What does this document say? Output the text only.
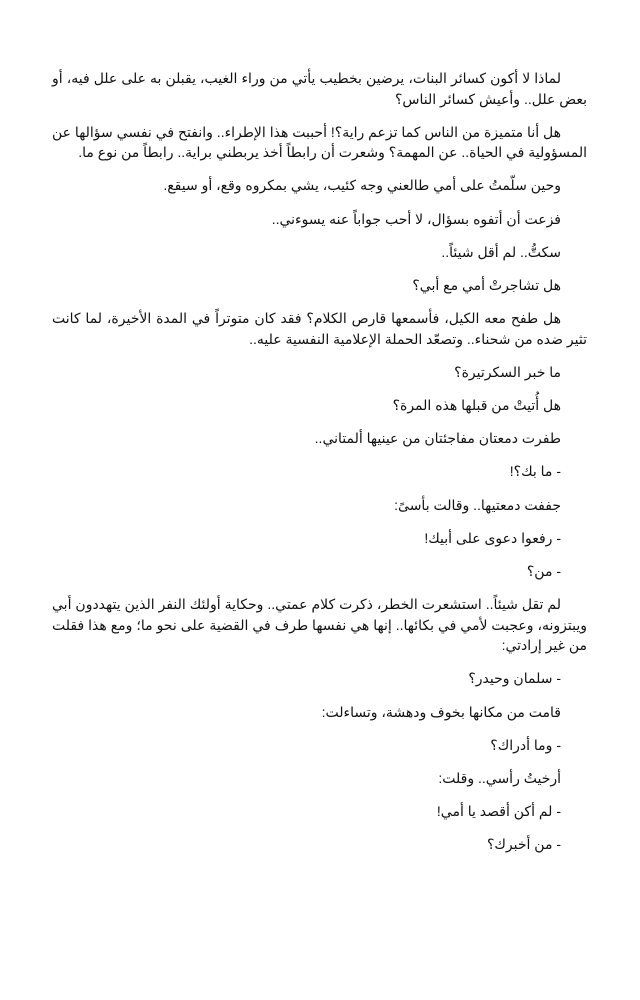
لماذا لا أكون كسائر البنات، يرضين بخطيب يأتي من وراء الغيب، يقبلن به على علل فيه، أو بعض علل.. وأعيش كسائر الناس؟

هل أنا متميزة من الناس كما تزعم راية؟! أحببت هذا الإطراء.. وانفتح في نفسي سؤالها عن المسؤولية في الحياة.. عن المهمة؟ وشعرت أن رابطاً أخذ يربطني براية.. رابطاً من نوع ما.

وحين سلّمتُ على أمي طالعني وجه كئيب، يشي بمكروه وقع، أو سيقع.

فزعت أن أتفوه بسؤال، لا أحب جواباً عنه يسوءني..

سكتُّ.. لم أقل شيئاً..

هل تشاجرتْ أمي مع أبي؟

هل طفح معه الكيل، فأسمعها قارص الكلام؟ فقد كان متوتراً في المدة الأخيرة، لما كانت تثير ضده من شحناء.. وتصعّد الحملة الإعلامية النفسية عليه..

ما خبر السكرتيرة؟

هل أُتيتْ من قبلها هذه المرة؟

طفرت دمعتان مفاجئتان من عينيها ألمتاني..

- ما بك؟!

جففت دمعتيها.. وقالت بأسىً:

- رفعوا دعوى على أبيك!

- من؟

لم تقل شيئاً.. استشعرت الخطر، ذكرت كلام عمتي.. وحكاية أولئك النفر الذين يتهددون أبي ويبتزونه، وعجبت لأمي في بكائها.. إنها هي نفسها طرف في القضية على نحو ما؛ ومع هذا فقلت من غير إرادتي:

- سلمان وحيدر؟

قامت من مكانها بخوف ودهشة، وتساءلت:

- وما أدراك؟

أرخيتُ رأسي.. وقلت:

- لم أكن أقصد يا أمي!

- من أخبرك؟
